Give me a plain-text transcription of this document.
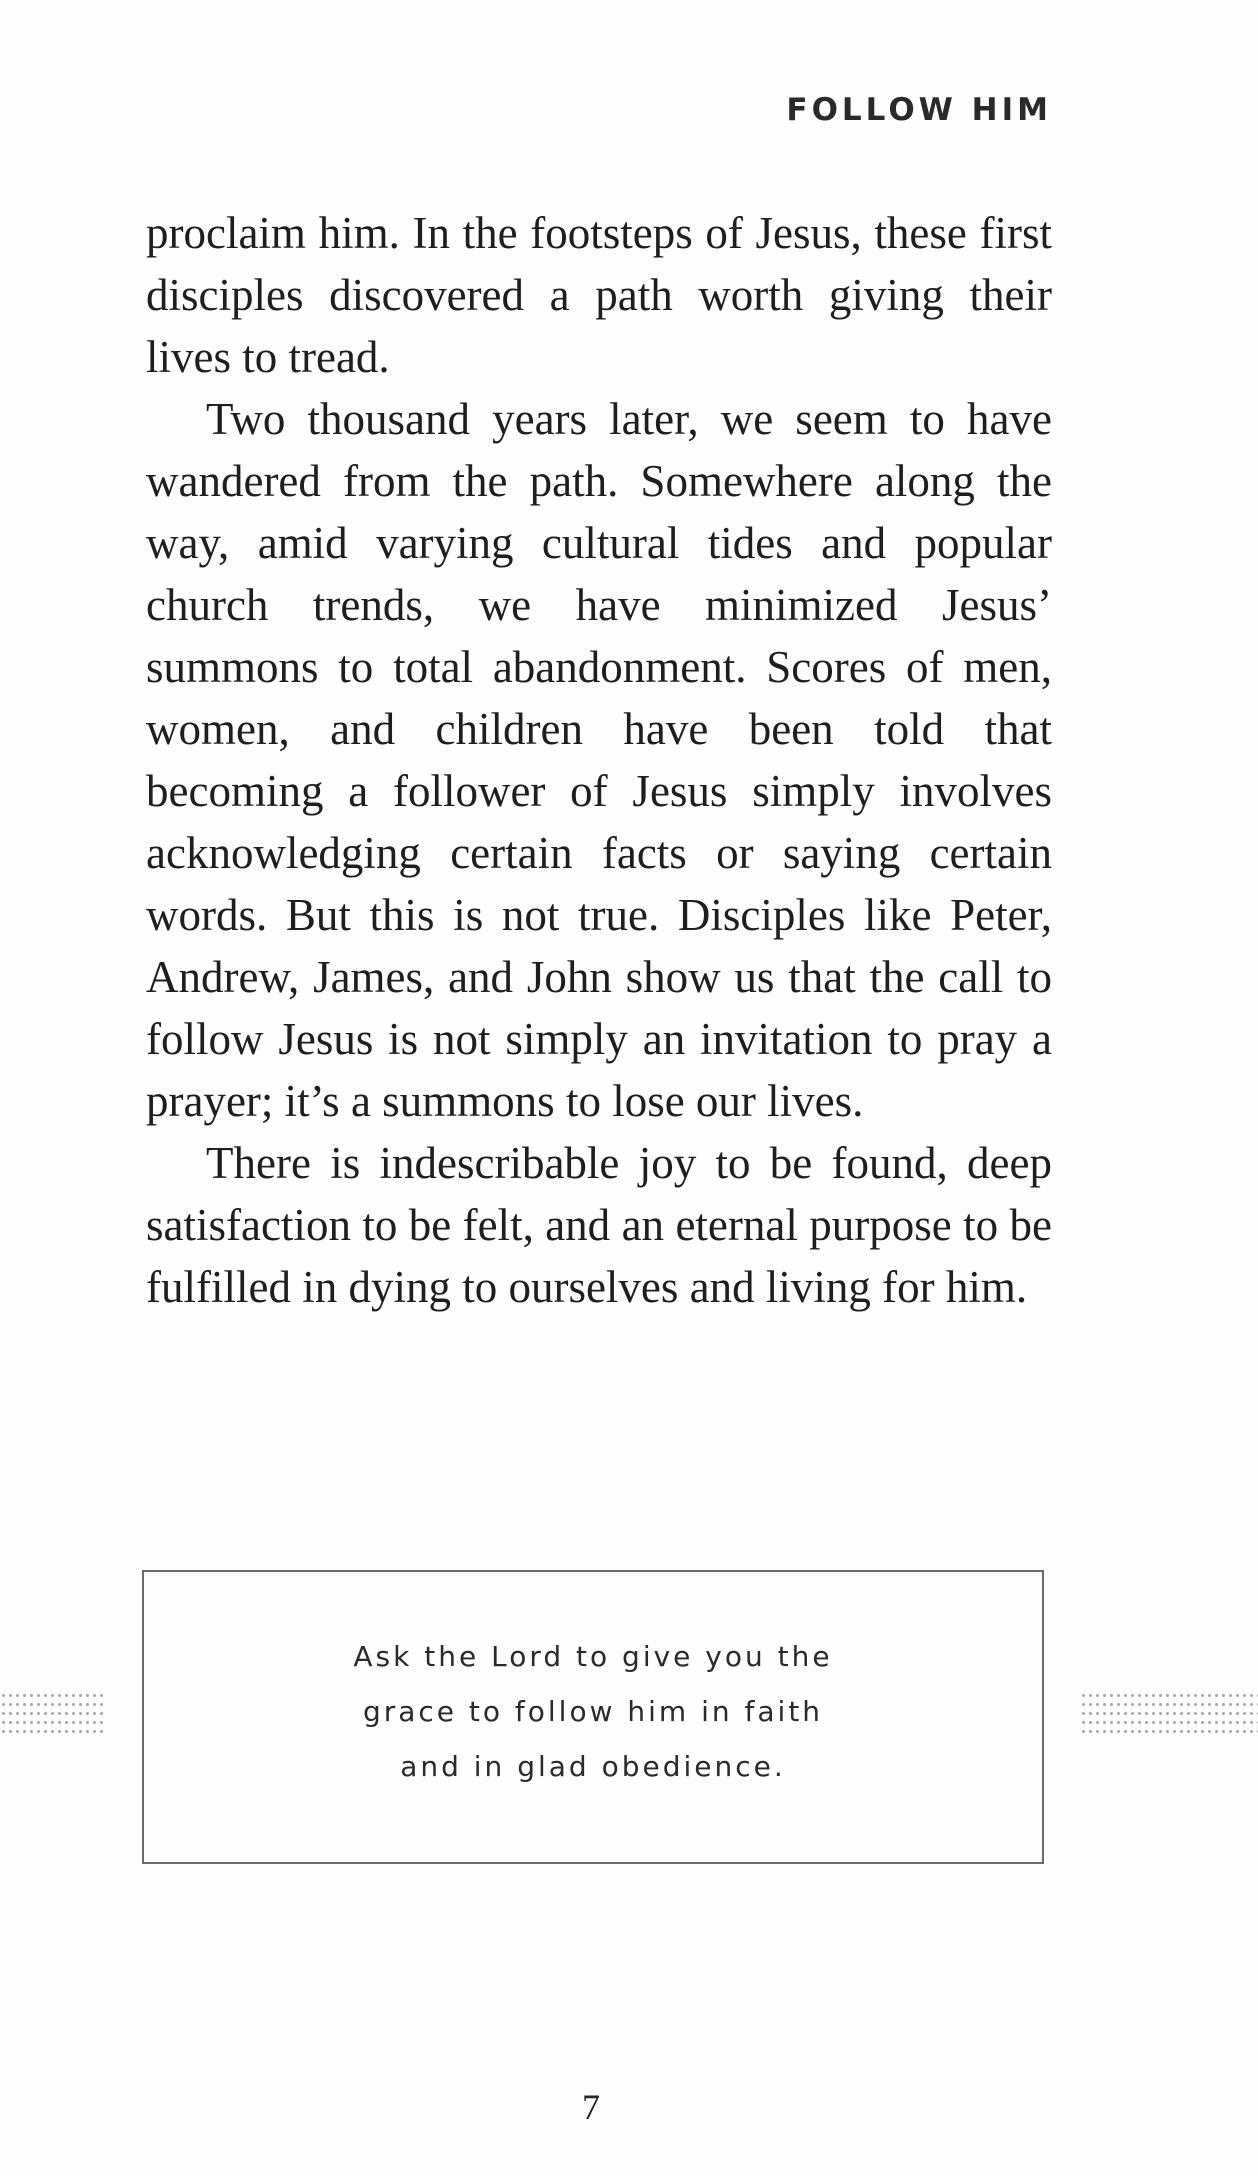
FOLLOW HIM

proclaim him. In the footsteps of Jesus, these first disciples discovered a path worth giving their lives to tread.

Two thousand years later, we seem to have wandered from the path. Somewhere along the way, amid varying cultural tides and popular church trends, we have minimized Jesus’ summons to total abandonment. Scores of men, women, and children have been told that becoming a follower of Jesus simply involves acknowledging certain facts or saying certain words. But this is not true. Disciples like Peter, Andrew, James, and John show us that the call to follow Jesus is not simply an invitation to pray a prayer; it’s a summons to lose our lives.

There is indescribable joy to be found, deep satisfaction to be felt, and an eternal purpose to be fulfilled in dying to ourselves and living for him.

Ask the Lord to give you the
grace to follow him in faith
and in glad obedience.
7
